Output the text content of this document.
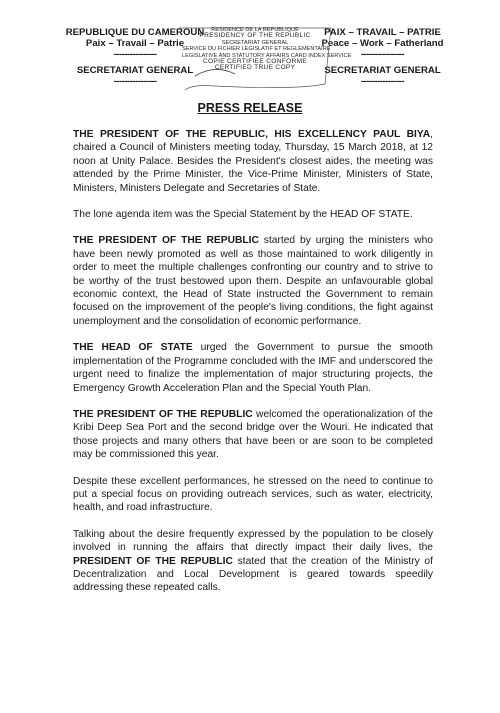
REPUBLIQUE DU CAMEROUN
Paix – Travail – Patrie
----------------
SECRETARIAT GENERAL
----------------
PAIX – TRAVAIL – PATRIE
Peace – Work – Fatherland
----------------
SECRETARIAT GENERAL
----------------
RESIDENCE DE LA REPUBLIQUE
PRESIDENCY OF THE REPUBLIC
SECRETARIAT GENERAL
SERVICE DU FICHIER LEGISLATIF ET REGLEMENTAIRE
LEGISLATIVE AND STATUTORY AFFAIRS CARD INDEX SERVICE
COPIE CERTIFIEE CONFORME
CERTIFIED TRUE COPY
PRESS RELEASE

THE PRESIDENT OF THE REPUBLIC, HIS EXCELLENCY PAUL BIYA, chaired a Council of Ministers meeting today, Thursday, 15 March 2018, at 12 noon at Unity Palace. Besides the President's closest aides, the meeting was attended by the Prime Minister, the Vice-Prime Minister, Ministers of State, Ministers, Ministers Delegate and Secretaries of State.

The lone agenda item was the Special Statement by the HEAD OF STATE.

THE PRESIDENT OF THE REPUBLIC started by urging the ministers who have been newly promoted as well as those maintained to work diligently in order to meet the multiple challenges confronting our country and to strive to be worthy of the trust bestowed upon them. Despite an unfavourable global economic context, the Head of State instructed the Government to remain focused on the improvement of the people's living conditions, the fight against unemployment and the consolidation of economic performance.

THE HEAD OF STATE urged the Government to pursue the smooth implementation of the Programme concluded with the IMF and underscored the urgent need to finalize the implementation of major structuring projects, the Emergency Growth Acceleration Plan and the Special Youth Plan.

THE PRESIDENT OF THE REPUBLIC welcomed the operationalization of the Kribi Deep Sea Port and the second bridge over the Wouri. He indicated that those projects and many others that have been or are soon to be completed may be commissioned this year.

Despite these excellent performances, he stressed on the need to continue to put a special focus on providing outreach services, such as water, electricity, health, and road infrastructure.

Talking about the desire frequently expressed by the population to be closely involved in running the affairs that directly impact their daily lives, the PRESIDENT OF THE REPUBLIC stated that the creation of the Ministry of Decentralization and Local Development is geared towards speedily addressing these repeated calls.
